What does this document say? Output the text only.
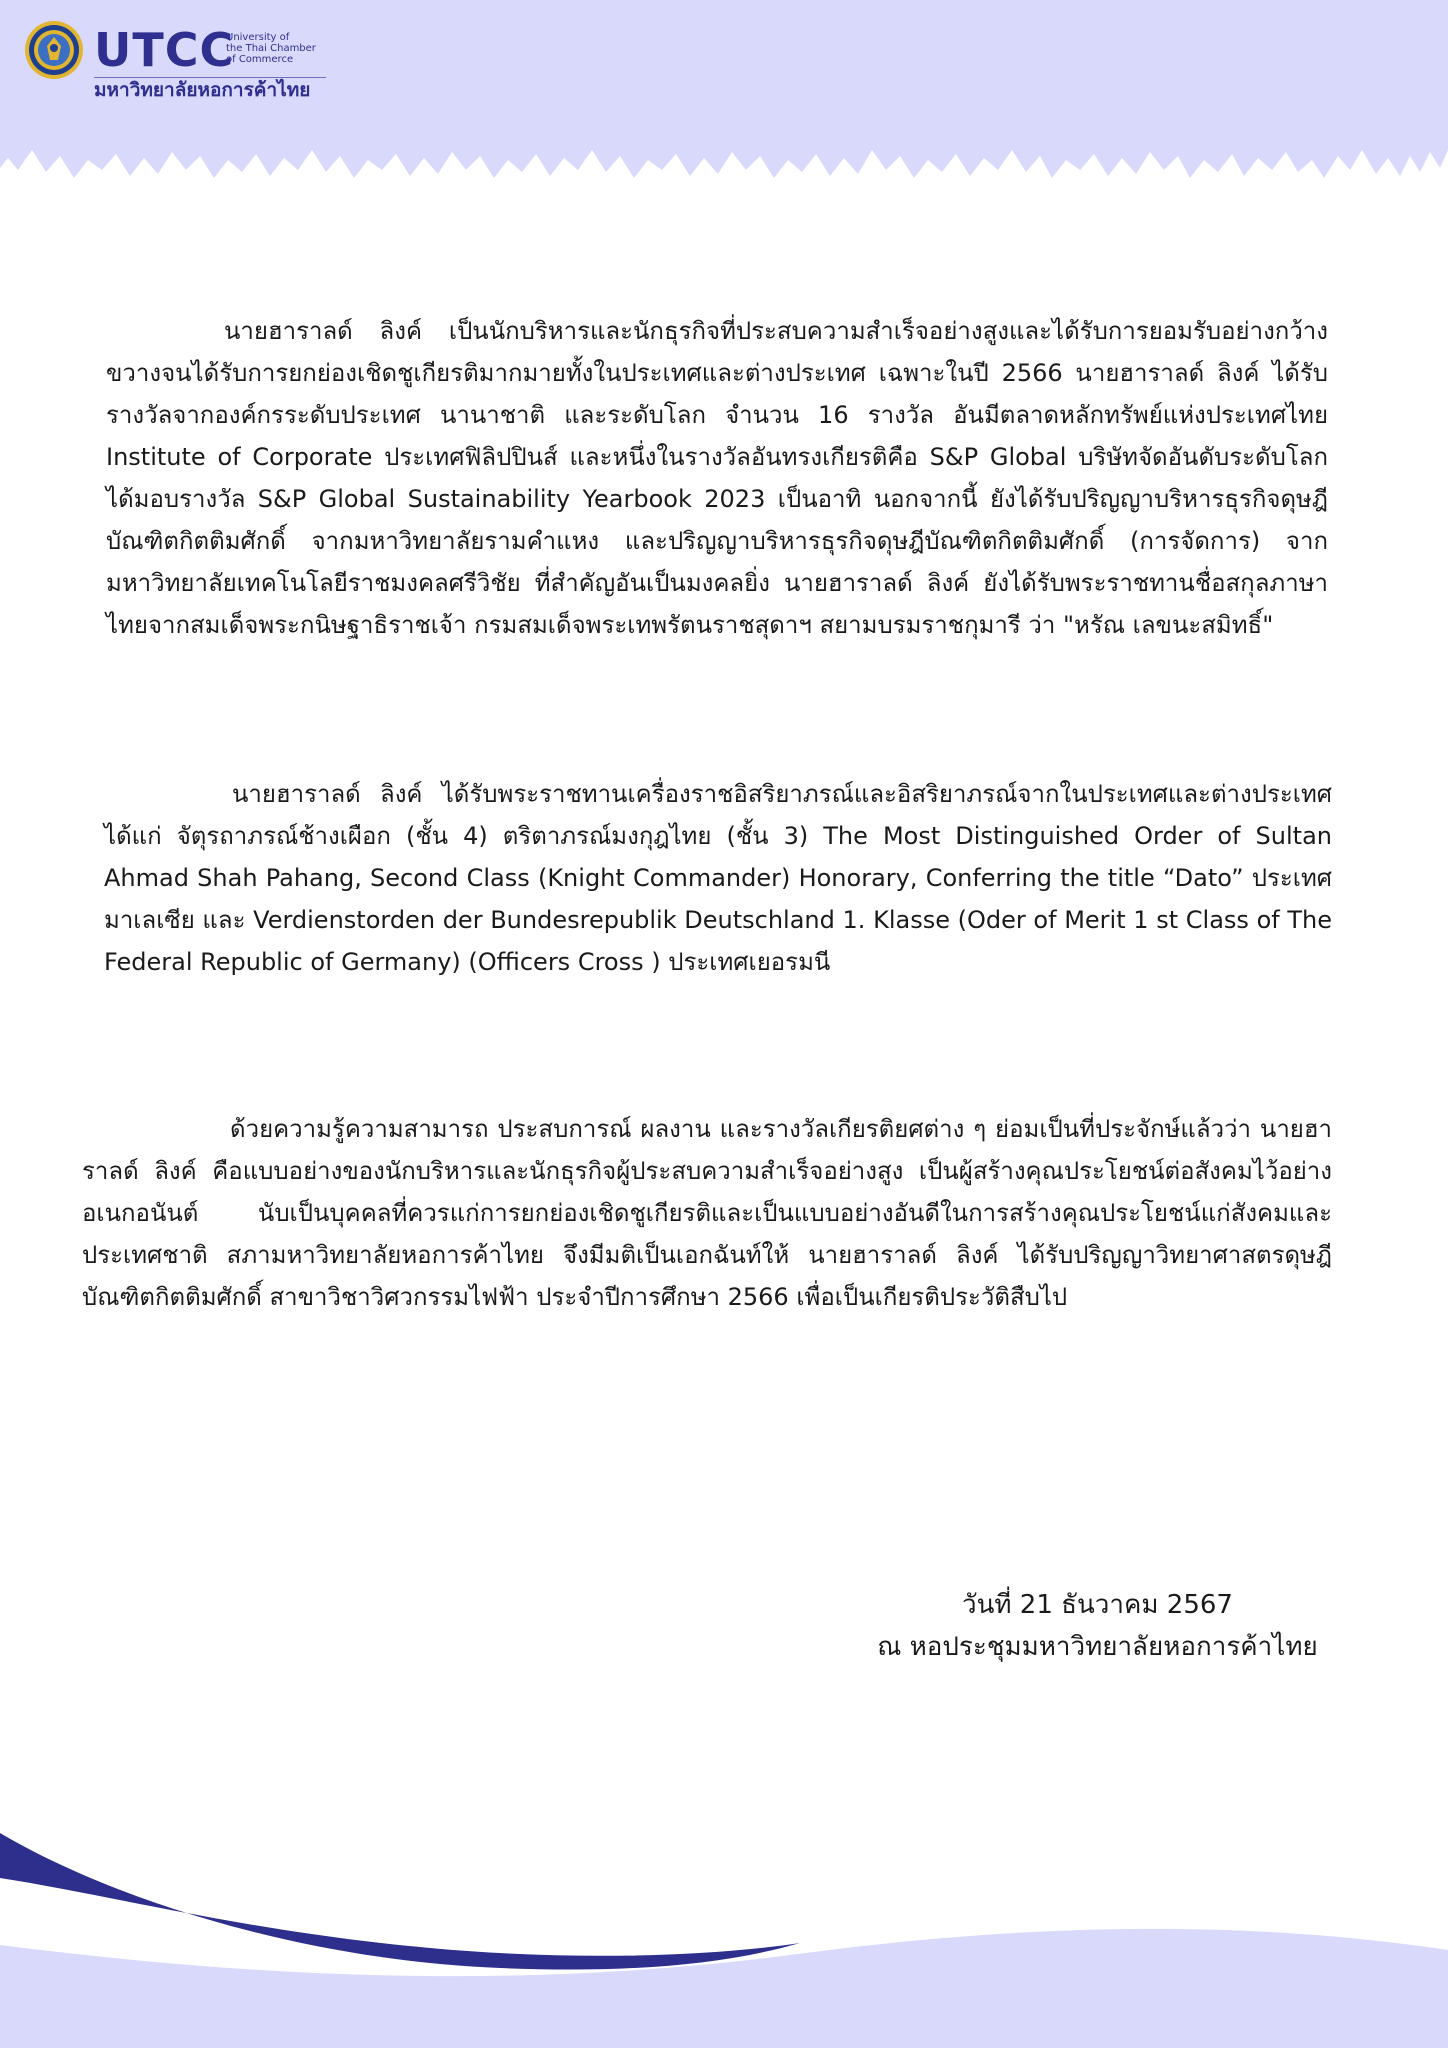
UTCC
University of
the Thai Chamber
of Commerce
มหาวิทยาลัยหอการค้าไทย

นายฮาราลด์ ลิงค์ เป็นนักบริหารและนักธุรกิจที่ประสบความสำเร็จอย่างสูงและได้รับการยอมรับอย่างกว้างขวางจนได้รับการยกย่องเชิดชูเกียรติมากมายทั้งในประเทศและต่างประเทศ เฉพาะในปี 2566 นายฮาราลด์ ลิงค์ ได้รับรางวัลจากองค์กรระดับประเทศ นานาชาติ และระดับโลก จำนวน 16 รางวัล อันมีตลาดหลักทรัพย์แห่งประเทศไทย Institute of Corporate ประเทศฟิลิปปินส์ และหนึ่งในรางวัลอันทรงเกียรติคือ S&P Global บริษัทจัดอันดับระดับโลก ได้มอบรางวัล S&P Global Sustainability Yearbook 2023 เป็นอาทิ นอกจากนี้ ยังได้รับปริญญาบริหารธุรกิจดุษฎีบัณฑิตกิตติมศักดิ์ จากมหาวิทยาลัยรามคำแหง และปริญญาบริหารธุรกิจดุษฎีบัณฑิตกิตติมศักดิ์ (การจัดการ) จากมหาวิทยาลัยเทคโนโลยีราชมงคลศรีวิชัย ที่สำคัญอันเป็นมงคลยิ่ง นายฮาราลด์ ลิงค์ ยังได้รับพระราชทานชื่อสกุลภาษาไทยจากสมเด็จพระกนิษฐาธิราชเจ้า กรมสมเด็จพระเทพรัตนราชสุดาฯ สยามบรมราชกุมารี ว่า "หรัณ เลขนะสมิทธิ์"

นายฮาราลด์ ลิงค์ ได้รับพระราชทานเครื่องราชอิสริยาภรณ์และอิสริยาภรณ์จากในประเทศและต่างประเทศ ได้แก่ จัตุรถาภรณ์ช้างเผือก (ชั้น 4) ตริตาภรณ์มงกุฎไทย (ชั้น 3) The Most Distinguished Order of Sultan Ahmad Shah Pahang, Second Class (Knight Commander) Honorary, Conferring the title “Dato” ประเทศมาเลเซีย และ Verdienstorden der Bundesrepublik Deutschland 1. Klasse (Oder of Merit 1 st Class of The Federal Republic of Germany) (Officers Cross ) ประเทศเยอรมนี

ด้วยความรู้ความสามารถ ประสบการณ์ ผลงาน และรางวัลเกียรติยศต่าง ๆ ย่อมเป็นที่ประจักษ์แล้วว่า นายฮาราลด์ ลิงค์ คือแบบอย่างของนักบริหารและนักธุรกิจผู้ประสบความสำเร็จอย่างสูง เป็นผู้สร้างคุณประโยชน์ต่อสังคมไว้อย่างอเนกอนันต์ นับเป็นบุคคลที่ควรแก่การยกย่องเชิดชูเกียรติและเป็นแบบอย่างอันดีในการสร้างคุณประโยชน์แก่สังคมและประเทศชาติ สภามหาวิทยาลัยหอการค้าไทย จึงมีมติเป็นเอกฉันท์ให้ นายฮาราลด์ ลิงค์ ได้รับปริญญาวิทยาศาสตรดุษฎีบัณฑิตกิตติมศักดิ์ สาขาวิชาวิศวกรรมไฟฟ้า ประจำปีการศึกษา 2566 เพื่อเป็นเกียรติประวัติสืบไป

วันที่ 21 ธันวาคม 2567
ณ หอประชุมมหาวิทยาลัยหอการค้าไทย
